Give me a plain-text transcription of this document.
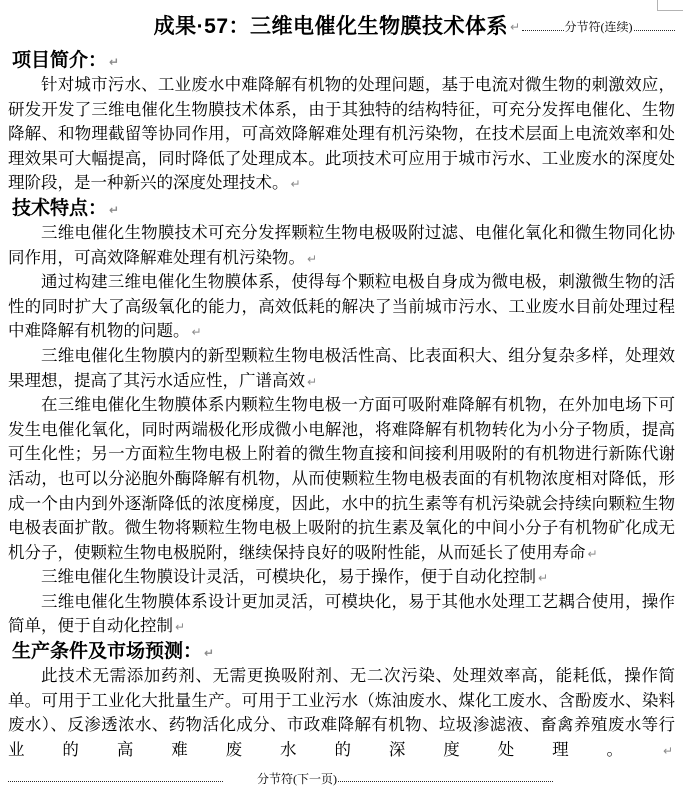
成果·57：三维电催化生物膜技术体系 ↵	分节符(连续)
项目简介： ↵

针对城市污水、工业废水中难降解有机物的处理问题，基于电流对微生物的刺激效应，研发开发了三维电催化生物膜技术体系，由于其独特的结构特征，可充分发挥电催化、生物降解、和物理截留等协同作用，可高效降解难处理有机污染物，在技术层面上电流效率和处理效果可大幅提高，同时降低了处理成本。此项技术可应用于城市污水、工业废水的深度处理阶段，是一种新兴的深度处理技术。 ↵

技术特点： ↵

三维电催化生物膜技术可充分发挥颗粒生物电极吸附过滤、电催化氧化和微生物同化协同作用，可高效降解难处理有机污染物。 ↵

通过构建三维电催化生物膜体系，使得每个颗粒电极自身成为微电极，刺激微生物的活性的同时扩大了高级氧化的能力，高效低耗的解决了当前城市污水、工业废水目前处理过程中难降解有机物的问题。 ↵

三维电催化生物膜内的新型颗粒生物电极活性高、比表面积大、组分复杂多样，处理效果理想，提高了其污水适应性，广谱高效 ↵

在三维电催化生物膜体系内颗粒生物电极一方面可吸附难降解有机物，在外加电场下可发生电催化氧化，同时两端极化形成微小电解池，将难降解有机物转化为小分子物质，提高可生化性；另一方面粒生物电极上附着的微生物直接和间接利用吸附的有机物进行新陈代谢活动，也可以分泌胞外酶降解有机物，从而使颗粒生物电极表面的有机物浓度相对降低，形成一个由内到外逐渐降低的浓度梯度，因此，水中的抗生素等有机污染就会持续向颗粒生物电极表面扩散。微生物将颗粒生物电极上吸附的抗生素及氧化的中间小分子有机物矿化成无机分子，使颗粒生物电极脱附，继续保持良好的吸附性能，从而延长了使用寿命 ↵

三维电催化生物膜设计灵活，可模块化，易于操作，便于自动化控制 ↵

三维电催化生物膜体系设计更加灵活，可模块化，易于其他水处理工艺耦合使用，操作简单，便于自动化控制 ↵

生产条件及市场预测： ↵

此技术无需添加药剂、无需更换吸附剂、无二次污染、处理效率高，能耗低，操作简单。可用于工业化大批量生产。可用于工业污水（炼油废水、煤化工废水、含酚废水、染料废水）、反渗透浓水、药物活化成分、市政难降解有机物、垃圾渗滤液、畜禽养殖废水等行业的高难废水的深度处理。 ↵
分节符(下一页)
